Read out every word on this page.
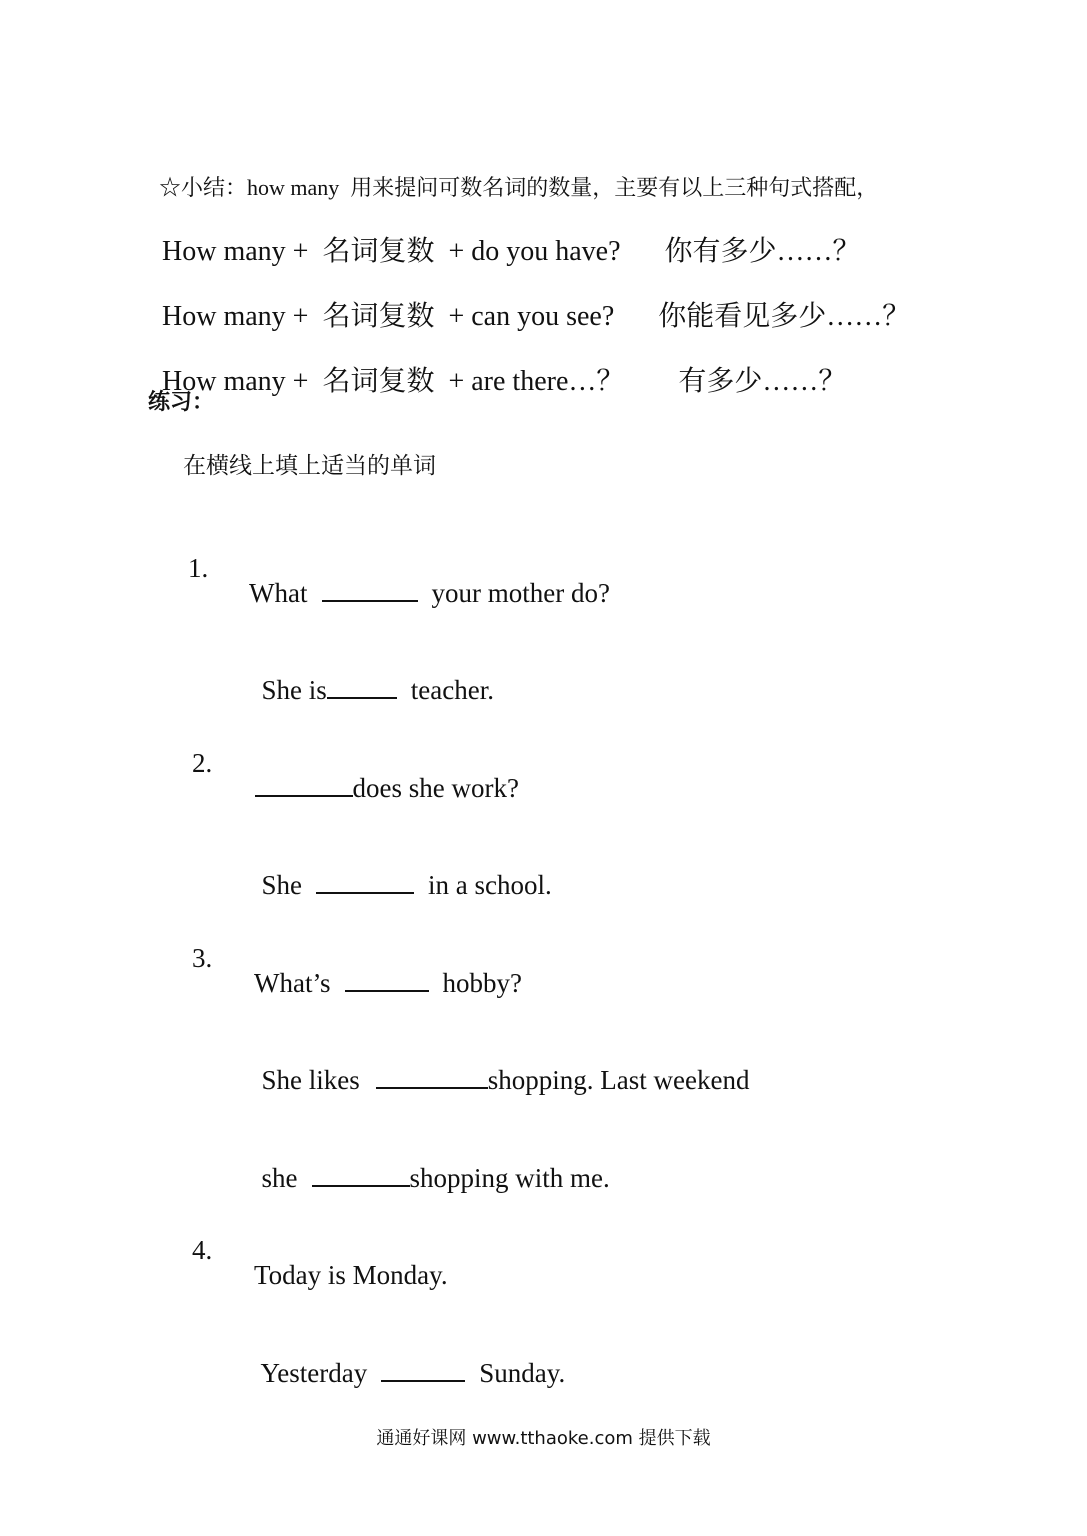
☆小结：how many  用来提问可数名词的数量，主要有以上三种句式搭配，

How many +  名词复数  + do you have? 你有多少……？

How many +  名词复数  + can you see? 你能看见多少……？

How many +  名词复数  + are there…？ 有多少……？

练习：
在横线上填上适当的单词
1.

What	your mother do?

She is	teacher.

2.

does she work?

She	in a school.

3.

What’s	hobby?

She likes	shopping. Last weekend

she	shopping with me.

4.

Today is Monday.

Yesterday	Sunday.

通通好课网 www.tthaoke.com 提供下载
